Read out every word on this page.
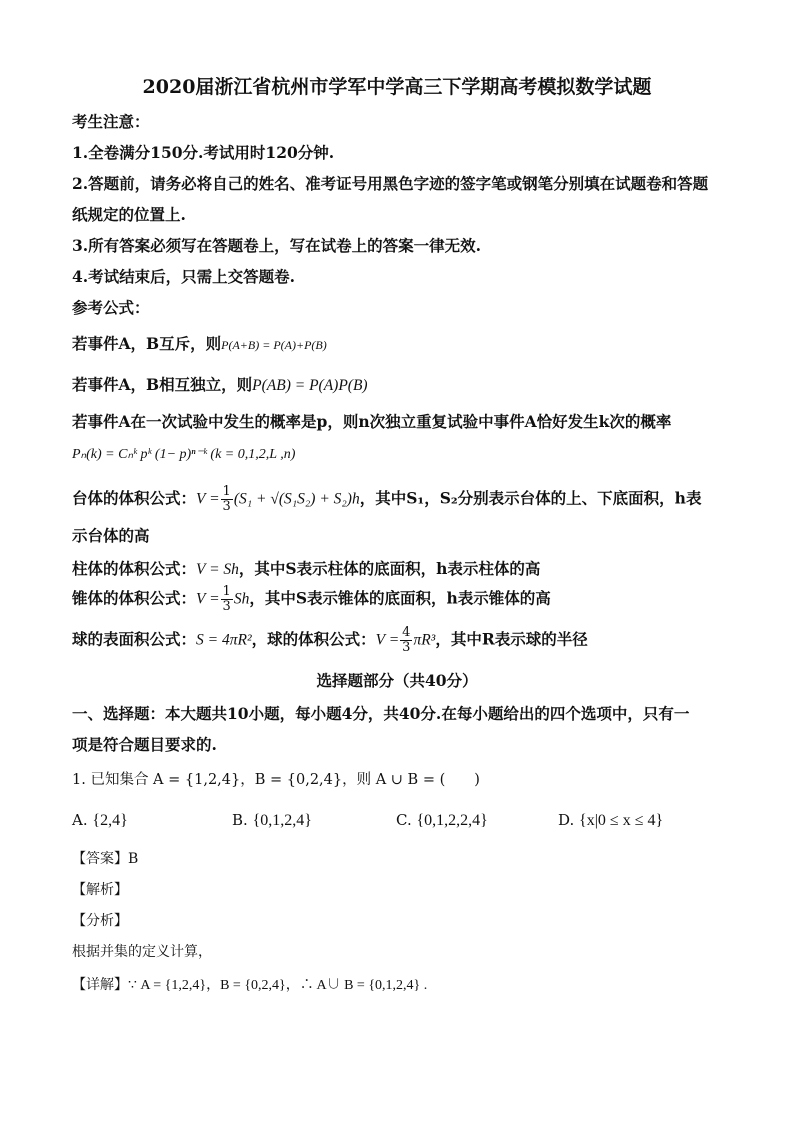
2020届浙江省杭州市学军中学高三下学期高考模拟数学试题
考生注意：
1.全卷满分150分.考试用时120分钟.
2.答题前，请务必将自己的姓名、准考证号用黑色字迹的签字笔或钢笔分别填在试题卷和答题
纸规定的位置上.
3.所有答案必须写在答题卷上，写在试卷上的答案一律无效.
4.考试结束后，只需上交答题卷.
参考公式：
若事件A，B互斥，则P(A+B) = P(A)+P(B)
若事件A，B相互独立，则P(AB) = P(A)P(B)
若事件A在一次试验中发生的概率是p，则n次独立重复试验中事件A恰好发生k次的概率
Pₙ(k) = Cₙᵏ pᵏ (1− p)ⁿ⁻ᵏ (k = 0,1,2,L ,n)
台体的体积公式：$V = \frac{1}{3} (S_1 + √(S_1S_2) + S_2)h$，其中S₁，S₂分别表示台体的上、下底面积，h表
示台体的高
柱体的体积公式：V = Sh，其中S表示柱体的底面积，h表示柱体的高
锥体的体积公式：$V = \frac{1}{3}$ Sh，其中S表示锥体的底面积，h表示锥体的高
球的表面积公式：S = 4πR²，球的体积公式：$V = \frac{4}{3} \pi R^3$，其中R表示球的半径
选择题部分（共40分）
一、选择题：本大题共10小题，每小题4分，共40分.在每小题给出的四个选项中，只有一
项是符合题目要求的.
1. 已知集合 A = {1,2,4}，B = {0,2,4}，则 A ∪ B = (　　)
A. {2,4}	B. {0,1,2,4}	C. {0,1,2,2,4}	D. {x|0 ≤ x ≤ 4}
【答案】B
【解析】
【分析】
根据并集的定义计算，
【详解】∵ A = {1,2,4}，B = {0,2,4}，∴ A∪ B = {0,1,2,4} .
